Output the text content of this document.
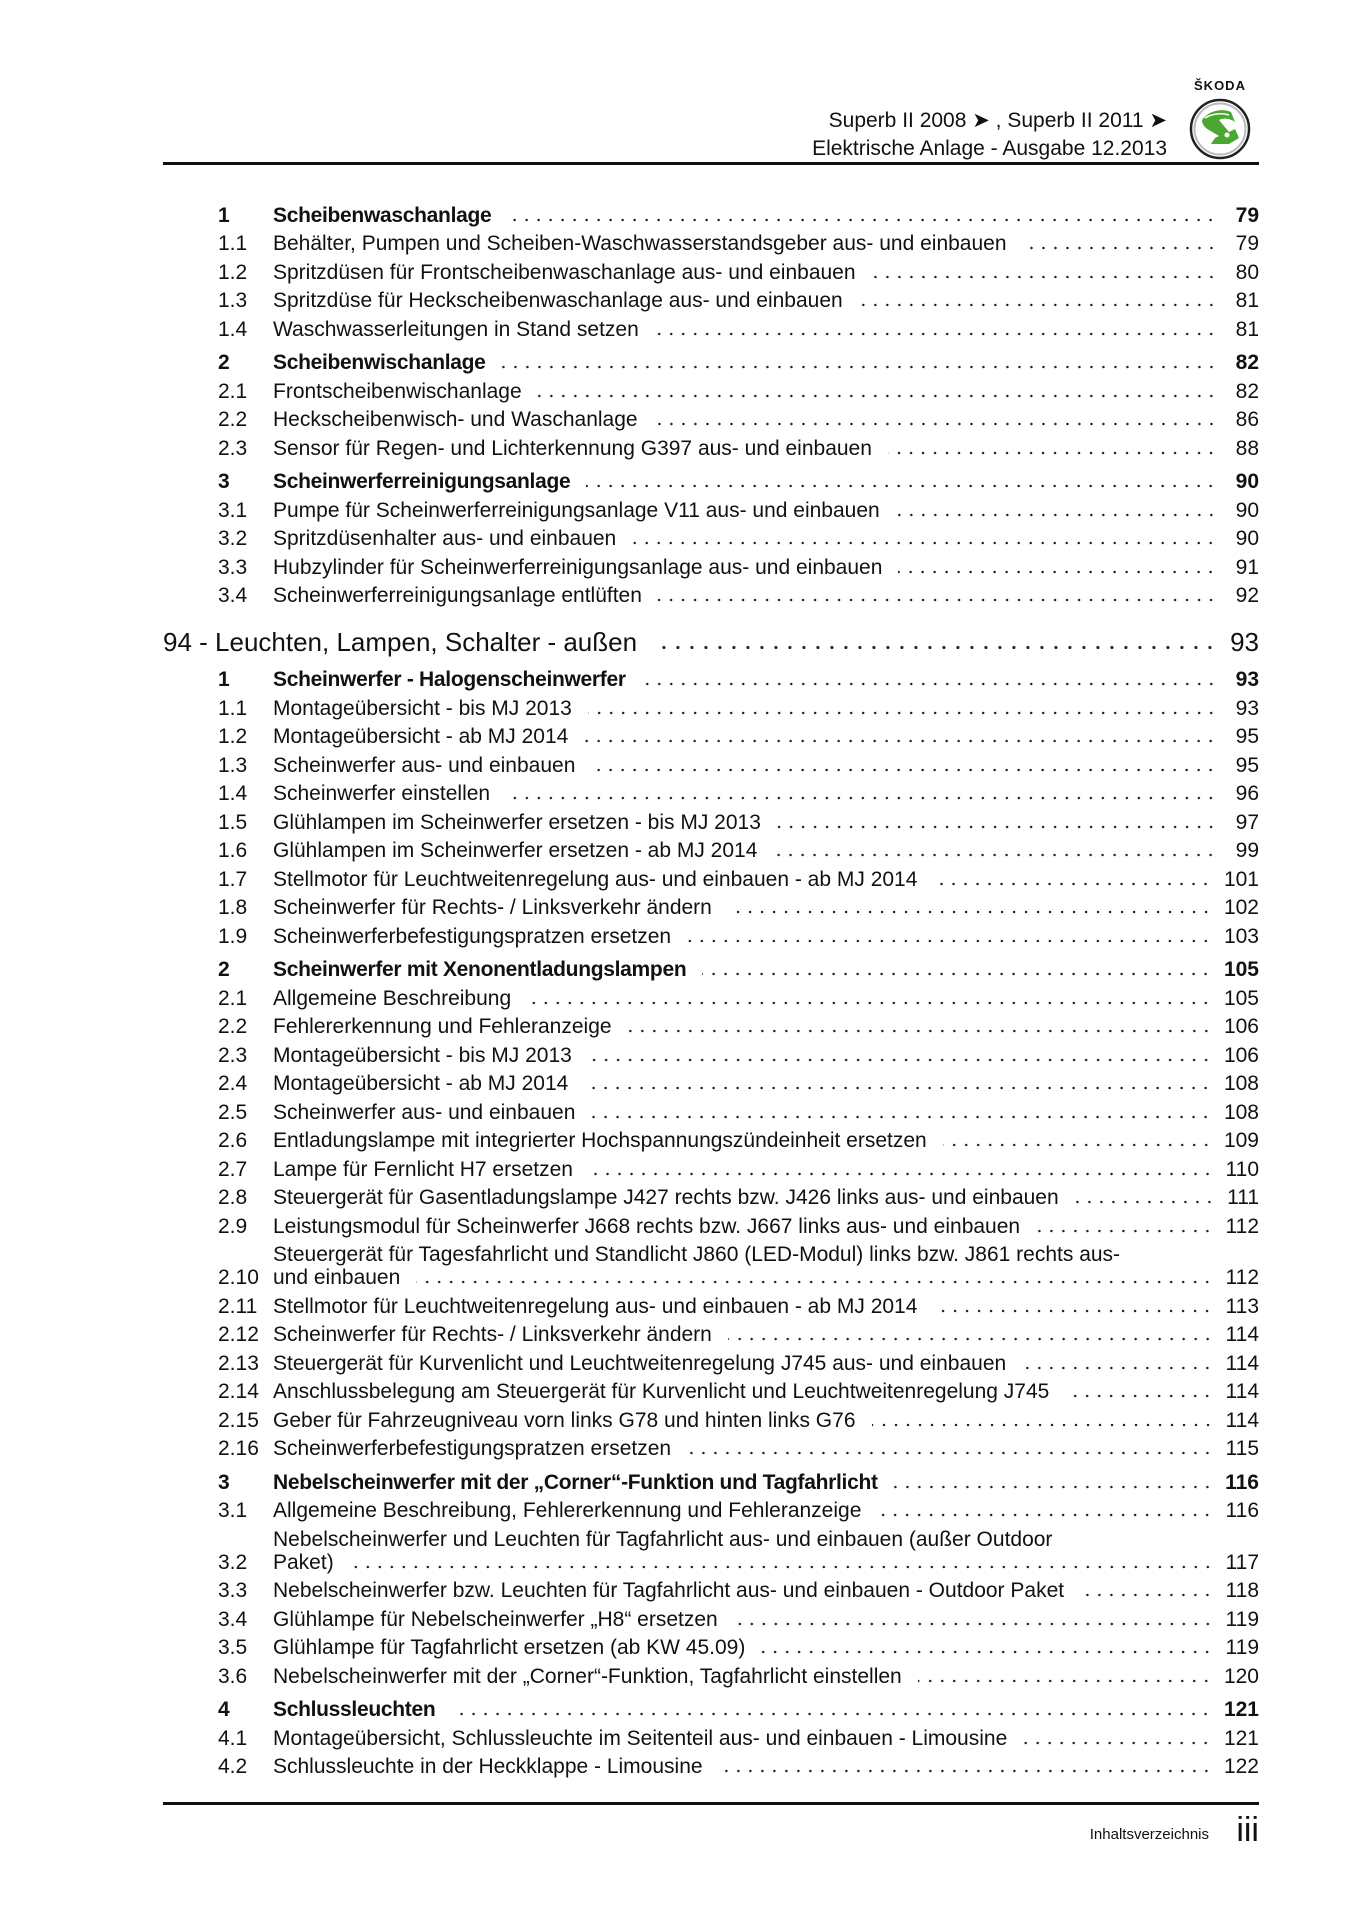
Superb II 2008 ➤ , Superb II 2011 ➤
Elektrische Anlage - Ausgabe 12.2013
ŠKODA
1	Scheibenwaschanlage	79
1.1	Behälter, Pumpen und Scheiben-Waschwasserstandsgeber aus- und einbauen	79
1.2	Spritzdüsen für Frontscheibenwaschanlage aus- und einbauen	80
1.3	Spritzdüse für Heckscheibenwaschanlage aus- und einbauen	81
1.4	Waschwasserleitungen in Stand setzen	81
2	Scheibenwischanlage	82
2.1	Frontscheibenwischanlage	82
2.2	Heckscheibenwisch- und Waschanlage	86
2.3	Sensor für Regen- und Lichterkennung G397 aus- und einbauen	88
3	Scheinwerferreinigungsanlage	90
3.1	Pumpe für Scheinwerferreinigungsanlage V11 aus- und einbauen	90
3.2	Spritzdüsenhalter aus- und einbauen	90
3.3	Hubzylinder für Scheinwerferreinigungsanlage aus- und einbauen	91
3.4	Scheinwerferreinigungsanlage entlüften	92
94 - Leuchten, Lampen, Schalter - außen	93
1	Scheinwerfer - Halogenscheinwerfer	93
1.1	Montageübersicht - bis MJ 2013	93
1.2	Montageübersicht - ab MJ 2014	95
1.3	Scheinwerfer aus- und einbauen	95
1.4	Scheinwerfer einstellen	96
1.5	Glühlampen im Scheinwerfer ersetzen - bis MJ 2013	97
1.6	Glühlampen im Scheinwerfer ersetzen - ab MJ 2014	99
1.7	Stellmotor für Leuchtweitenregelung aus- und einbauen - ab MJ 2014	101
1.8	Scheinwerfer für Rechts- / Linksverkehr ändern	102
1.9	Scheinwerferbefestigungspratzen ersetzen	103
2	Scheinwerfer mit Xenonentladungslampen	105
2.1	Allgemeine Beschreibung	105
2.2	Fehlererkennung und Fehleranzeige	106
2.3	Montageübersicht - bis MJ 2013	106
2.4	Montageübersicht - ab MJ 2014	108
2.5	Scheinwerfer aus- und einbauen	108
2.6	Entladungslampe mit integrierter Hochspannungszündeinheit ersetzen	109
2.7	Lampe für Fernlicht H7 ersetzen	110
2.8	Steuergerät für Gasentladungslampe J427 rechts bzw. J426 links aus- und einbauen	111
2.9	Leistungsmodul für Scheinwerfer J668 rechts bzw. J667 links aus- und einbauen	112
2.10
Steuergerät für Tagesfahrlicht und Standlicht J860 (LED-Modul) links bzw. J861 rechts aus-
und einbauen	112
2.11 Stellmotor für Leuchtweitenregelung aus- und einbauen - ab MJ 2014	113
2.12 Scheinwerfer für Rechts- / Linksverkehr ändern	114
2.13 Steuergerät für Kurvenlicht und Leuchtweitenregelung J745 aus- und einbauen	114
2.14 Anschlussbelegung am Steuergerät für Kurvenlicht und Leuchtweitenregelung J745	114
2.15 Geber für Fahrzeugniveau vorn links G78 und hinten links G76	114
2.16 Scheinwerferbefestigungspratzen ersetzen	115
3	Nebelscheinwerfer mit der „Corner“-Funktion und Tagfahrlicht	116
3.1	Allgemeine Beschreibung, Fehlererkennung und Fehleranzeige	116
3.2
Nebelscheinwerfer und Leuchten für Tagfahrlicht aus- und einbauen (außer Outdoor
Paket)	117
3.3	Nebelscheinwerfer bzw. Leuchten für Tagfahrlicht aus- und einbauen - Outdoor Paket	118
3.4	Glühlampe für Nebelscheinwerfer „H8“ ersetzen	119
3.5	Glühlampe für Tagfahrlicht ersetzen (ab KW 45.09)	119
3.6	Nebelscheinwerfer mit der „Corner“-Funktion, Tagfahrlicht einstellen	120
4	Schlussleuchten	121
4.1	Montageübersicht, Schlussleuchte im Seitenteil aus- und einbauen - Limousine	121
4.2	Schlussleuchte in der Heckklappe - Limousine	122
Inhaltsverzeichnis iii
